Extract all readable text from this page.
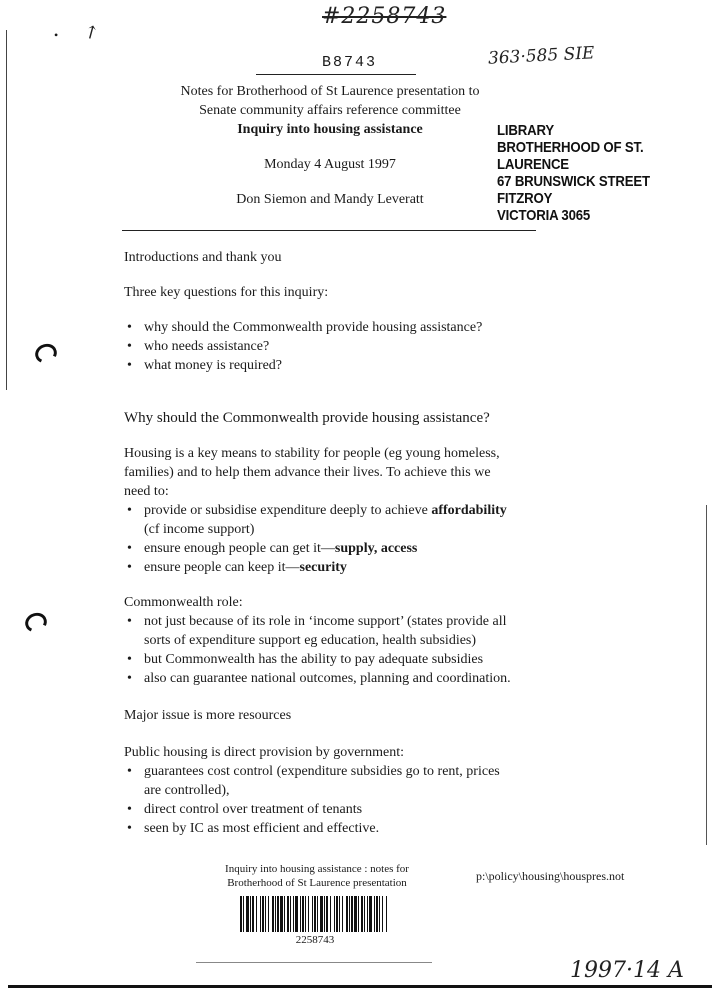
• ↗
#2258743
B8743	363·585 SIE
Notes for Brotherhood of St Laurence presentation to
Senate community affairs reference committee
Inquiry into housing assistance
Monday 4 August 1997
Don Siemon and Mandy Leveratt
LIBRARY
BROTHERHOOD OF ST. LAURENCE
67 BRUNSWICK STREET
FITZROY
VICTORIA 3065

Introductions and thank you

Three key questions for this inquiry:

• why should the Commonwealth provide housing assistance?
• who needs assistance?
• what money is required?

Why should the Commonwealth provide housing assistance?

Housing is a key means to stability for people (eg young homeless,

families) and to help them advance their lives. To achieve this we

need to:

• provide or subsidise expenditure deeply to achieve affordability
(cf income support)
• ensure enough people can get it—supply, access
• ensure people can keep it—security

Commonwealth role:

• not just because of its role in ‘income support’ (states provide all
sorts of expenditure support eg education, health subsidies)
• but Commonwealth has the ability to pay adequate subsidies
• also can guarantee national outcomes, planning and coordination.

Major issue is more resources

Public housing is direct provision by government:

• guarantees cost control (expenditure subsidies go to rent, prices
are controlled),
• direct control over treatment of tenants
• seen by IC as most efficient and effective.
Inquiry into housing assistance : notes for
Brotherhood of St Laurence presentation	p:\policy\housing\houspres.not
2258743
1997·14 A
